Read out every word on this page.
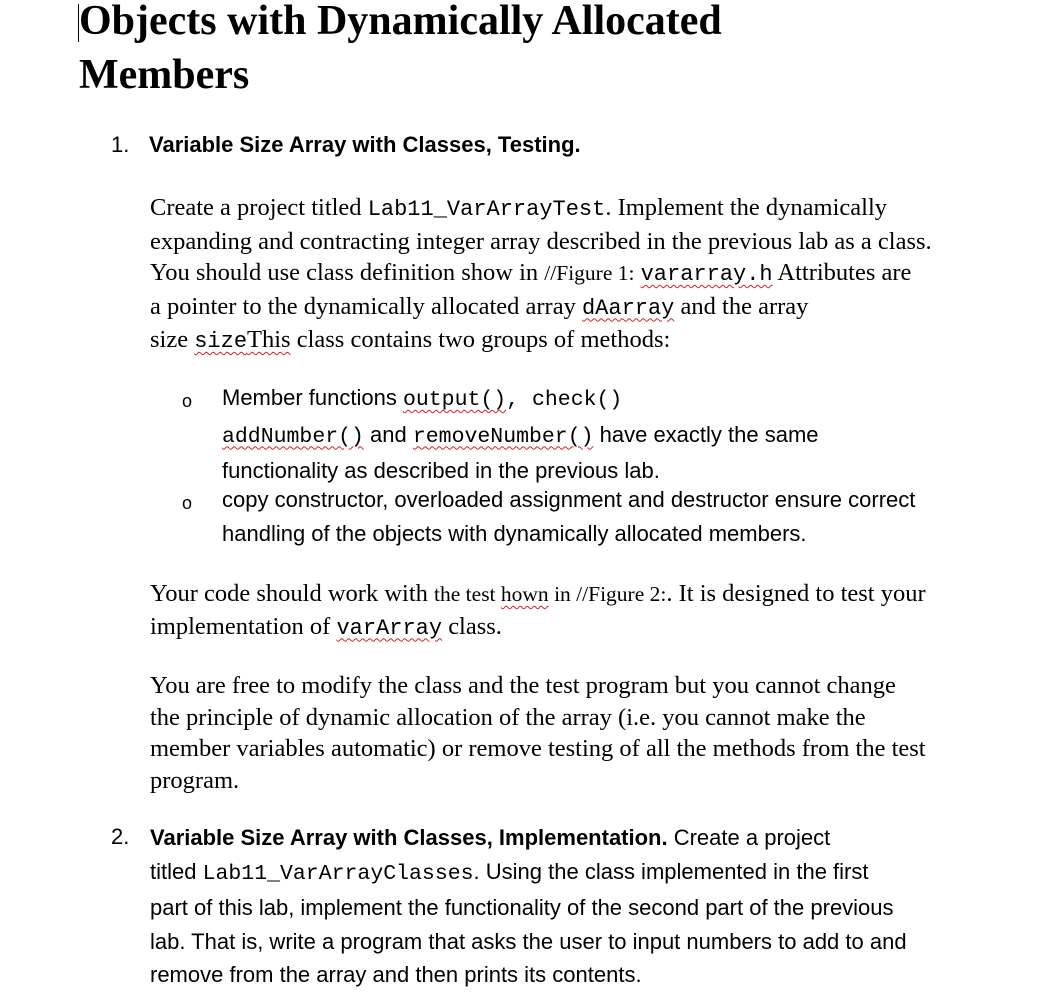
Objects with Dynamically Allocated
Members

1. Variable Size Array with Classes, Testing.

Create a project titled Lab11_VarArrayTest. Implement the dynamically
expanding and contracting integer array described in the previous lab as a class.
You should use class definition show in //Figure 1: vararray.h Attributes are
a pointer to the dynamically allocated array dAarray and the array
size sizeThis class contains two groups of methods:

o Member functions output(), check()
addNumber() and removeNumber() have exactly the same
functionality as described in the previous lab.

o copy constructor, overloaded assignment and destructor ensure correct
handling of the objects with dynamically allocated members.

Your code should work with the test hown in //Figure 2:. It is designed to test your
implementation of varArray class.

You are free to modify the class and the test program but you cannot change
the principle of dynamic allocation of the array (i.e. you cannot make the
member variables automatic) or remove testing of all the methods from the test
program.

2. Variable Size Array with Classes, Implementation. Create a project
titled Lab11_VarArrayClasses. Using the class implemented in the first
part of this lab, implement the functionality of the second part of the previous
lab. That is, write a program that asks the user to input numbers to add to and
remove from the array and then prints its contents.
